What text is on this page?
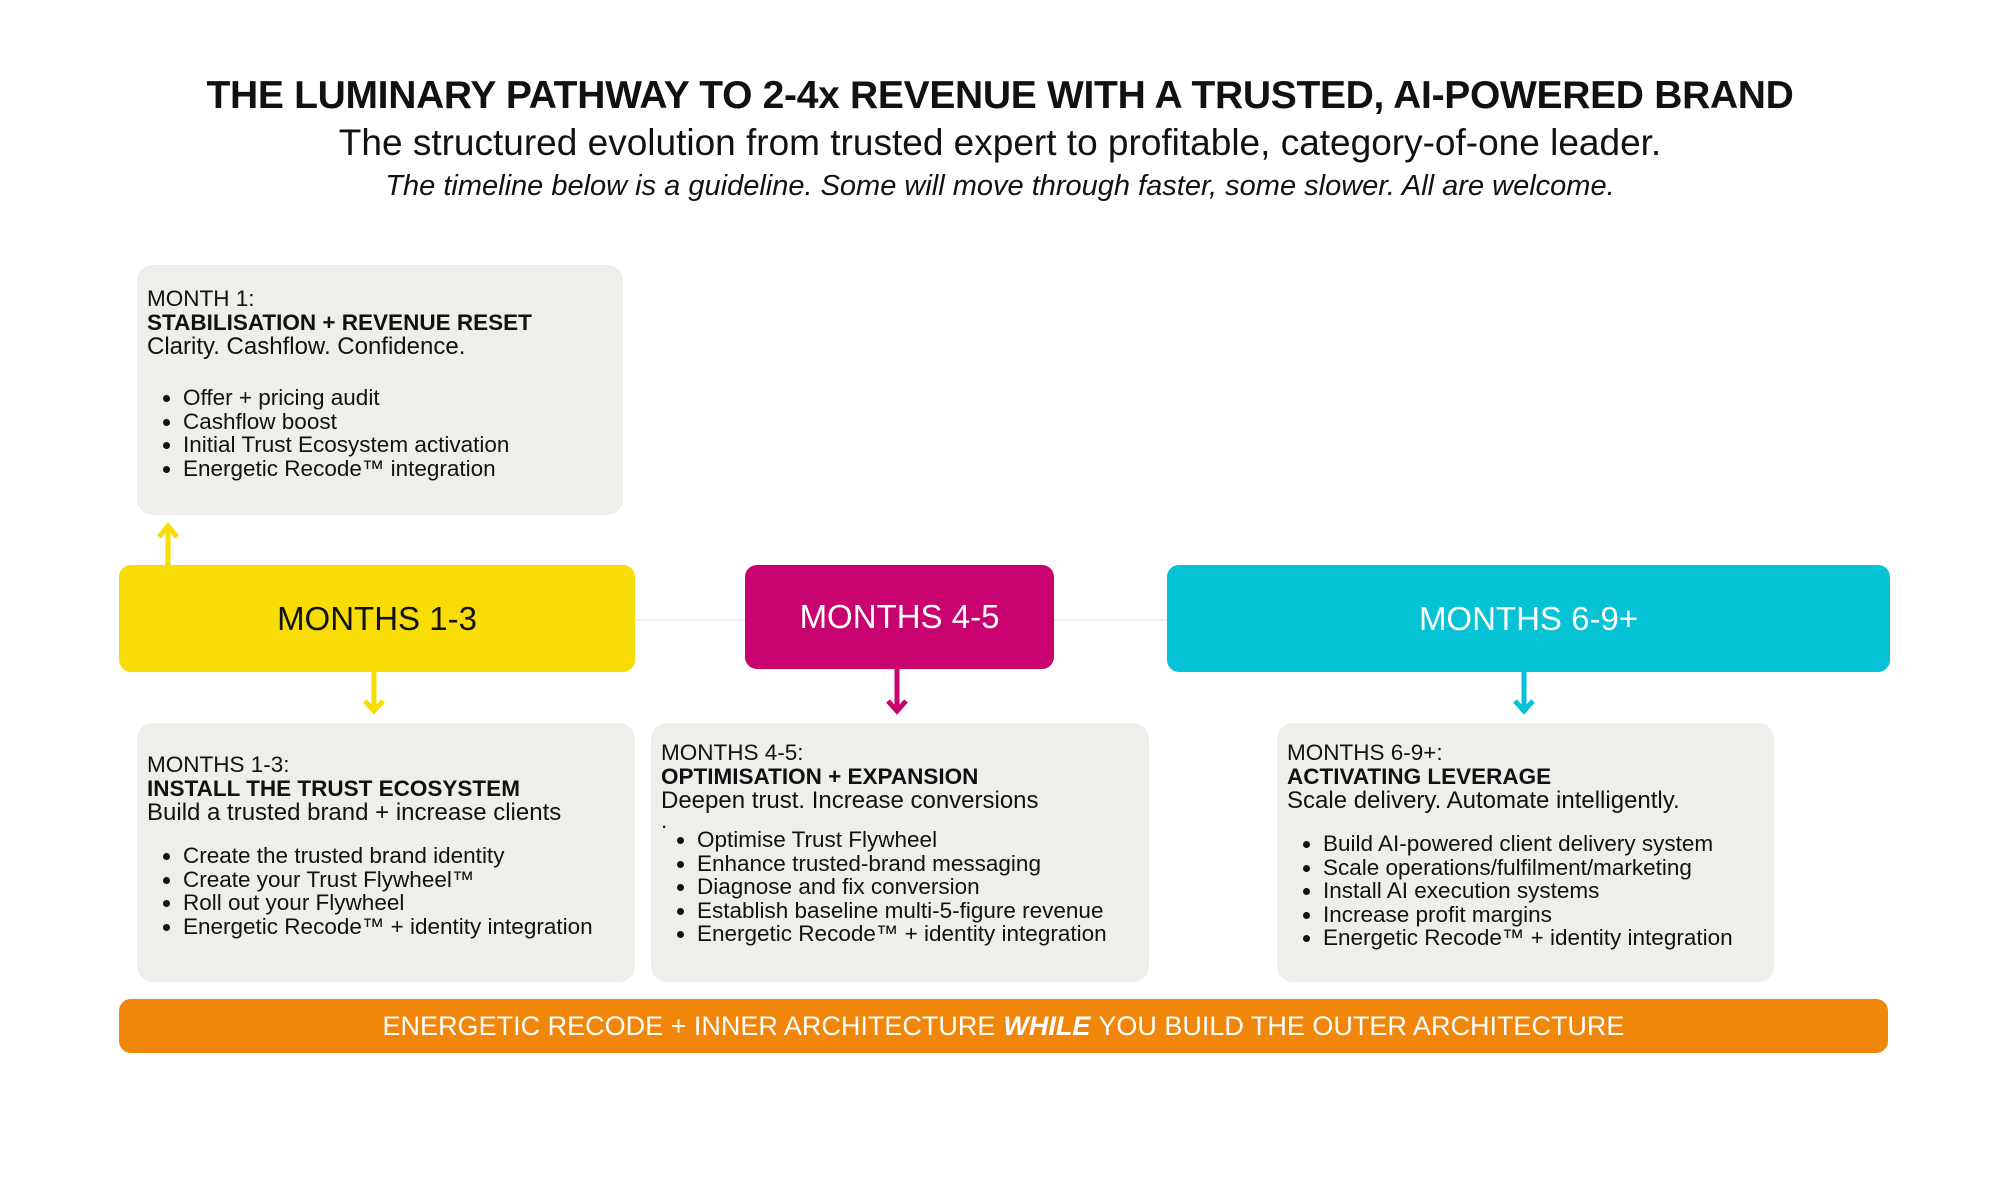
THE LUMINARY PATHWAY TO 2-4x REVENUE WITH A TRUSTED, AI-POWERED BRAND
The structured evolution from trusted expert to profitable, category-of-one leader.
The timeline below is a guideline. Some will move through faster, some slower. All are welcome.
MONTH 1:
STABILISATION + REVENUE RESET
Clarity. Cashflow. Confidence.
• Offer + pricing audit
• Cashflow boost
• Initial Trust Ecosystem activation
• Energetic Recode™ integration
MONTHS 1-3	MONTHS 4-5	MONTHS 6-9+
MONTHS 1-3:
INSTALL THE TRUST ECOSYSTEM
Build a trusted brand + increase clients
• Create the trusted brand identity
• Create your Trust Flywheel™
• Roll out your Flywheel
• Energetic Recode™ + identity integration
MONTHS 4-5:
OPTIMISATION + EXPANSION
Deepen trust. Increase conversions
.
• Optimise Trust Flywheel
• Enhance trusted-brand messaging
• Diagnose and fix conversion
• Establish baseline multi-5-figure revenue
• Energetic Recode™ + identity integration
MONTHS 6-9+:
ACTIVATING LEVERAGE
Scale delivery. Automate intelligently.
• Build AI-powered client delivery system
• Scale operations/fulfilment/marketing
• Install AI execution systems
• Increase profit margins
• Energetic Recode™ + identity integration
ENERGETIC RECODE + INNER ARCHITECTURE WHILE YOU BUILD THE OUTER ARCHITECTURE
